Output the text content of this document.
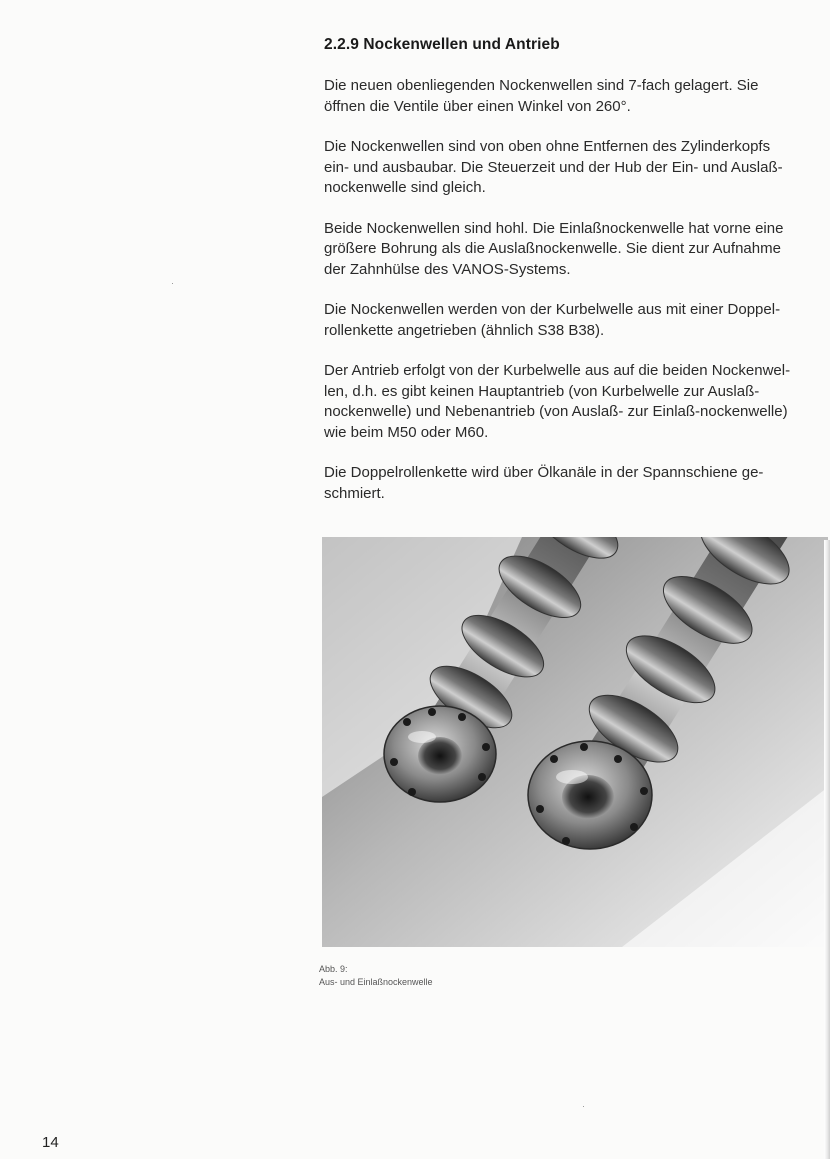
2.2.9 Nockenwellen und Antrieb

Die neuen obenliegenden Nockenwellen sind 7-fach gelagert. Sie
öffnen die Ventile über einen Winkel von 260°.

Die Nockenwellen sind von oben ohne Entfernen des Zylinderkopfs
ein- und ausbaubar. Die Steuerzeit und der Hub der Ein- und Auslaß-
nockenwelle sind gleich.

Beide Nockenwellen sind hohl. Die Einlaßnockenwelle hat vorne eine
größere Bohrung als die Auslaßnockenwelle. Sie dient zur Aufnahme
der Zahnhülse des VANOS-Systems.

Die Nockenwellen werden von der Kurbelwelle aus mit einer Doppel-
rollenkette angetrieben (ähnlich S38 B38).

Der Antrieb erfolgt von der Kurbelwelle aus auf die beiden Nockenwel-
len, d.h. es gibt keinen Hauptantrieb (von Kurbelwelle zur Auslaß-
nockenwelle) und Nebenantrieb (von Auslaß- zur Einlaß-nockenwelle)
wie beim M50 oder M60.

Die Doppelrollenkette wird über Ölkanäle in der Spannschiene ge-
schmiert.

Abb. 9:
Aus- und Einlaßnockenwelle
14
